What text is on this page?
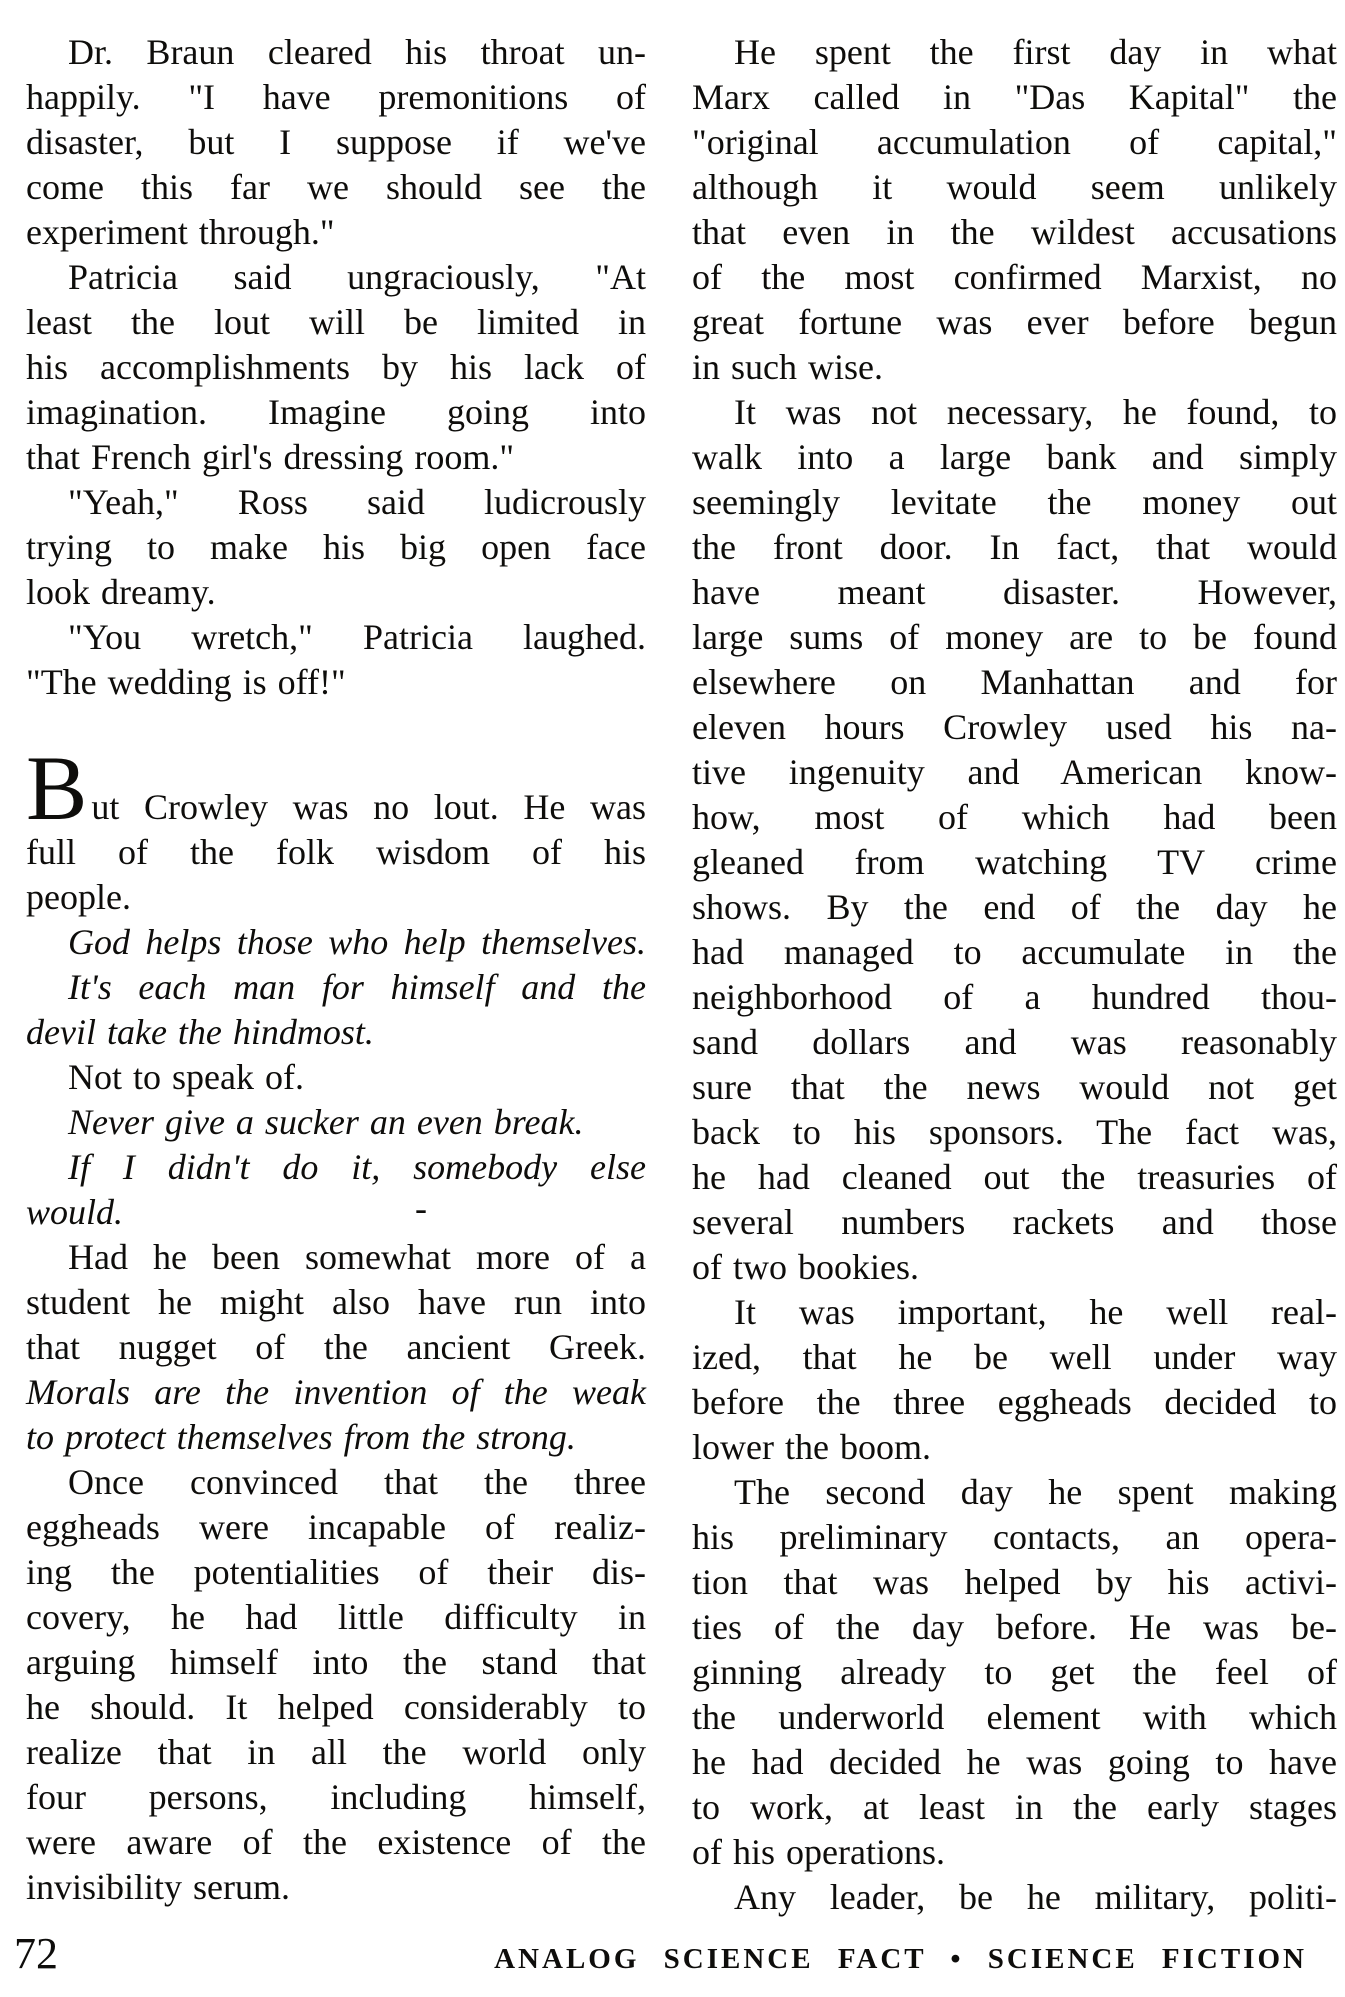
Dr. Braun cleared his throat un-
happily. "I have premonitions of
disaster, but I suppose if we've
come this far we should see the
experiment through."
Patricia said ungraciously, "At
least the lout will be limited in
his accomplishments by his lack of
imagination. Imagine going into
that French girl's dressing room."
"Yeah," Ross said ludicrously
trying to make his big open face
look dreamy.
"You wretch," Patricia laughed.
"The wedding is off!"
But Crowley was no lout. He was
full of the folk wisdom of his
people.
God helps those who help themselves.
It's each man for himself and the
devil take the hindmost.
Not to speak of.
Never give a sucker an even break.
If I didn't do it, somebody else
would.
Had he been somewhat more of a
student he might also have run into
that nugget of the ancient Greek.
Morals are the invention of the weak
to protect themselves from the strong.
Once convinced that the three
eggheads were incapable of realiz-
ing the potentialities of their dis-
covery, he had little difficulty in
arguing himself into the stand that
he should. It helped considerably to
realize that in all the world only
four persons, including himself,
were aware of the existence of the
invisibility serum.
He spent the first day in what
Marx called in "Das Kapital" the
"original accumulation of capital,"
although it would seem unlikely
that even in the wildest accusations
of the most confirmed Marxist, no
great fortune was ever before begun
in such wise.
It was not necessary, he found, to
walk into a large bank and simply
seemingly levitate the money out
the front door. In fact, that would
have meant disaster. However,
large sums of money are to be found
elsewhere on Manhattan and for
eleven hours Crowley used his na-
tive ingenuity and American know-
how, most of which had been
gleaned from watching TV crime
shows. By the end of the day he
had managed to accumulate in the
neighborhood of a hundred thou-
sand dollars and was reasonably
sure that the news would not get
back to his sponsors. The fact was,
he had cleaned out the treasuries of
several numbers rackets and those
of two bookies.
It was important, he well real-
ized, that he be well under way
before the three eggheads decided to
lower the boom.
The second day he spent making
his preliminary contacts, an opera-
tion that was helped by his activi-
ties of the day before. He was be-
ginning already to get the feel of
the underworld element with which
he had decided he was going to have
to work, at least in the early stages
of his operations.
Any leader, be he military, politi-
-
72	ANALOG SCIENCE FACT • SCIENCE FICTION
